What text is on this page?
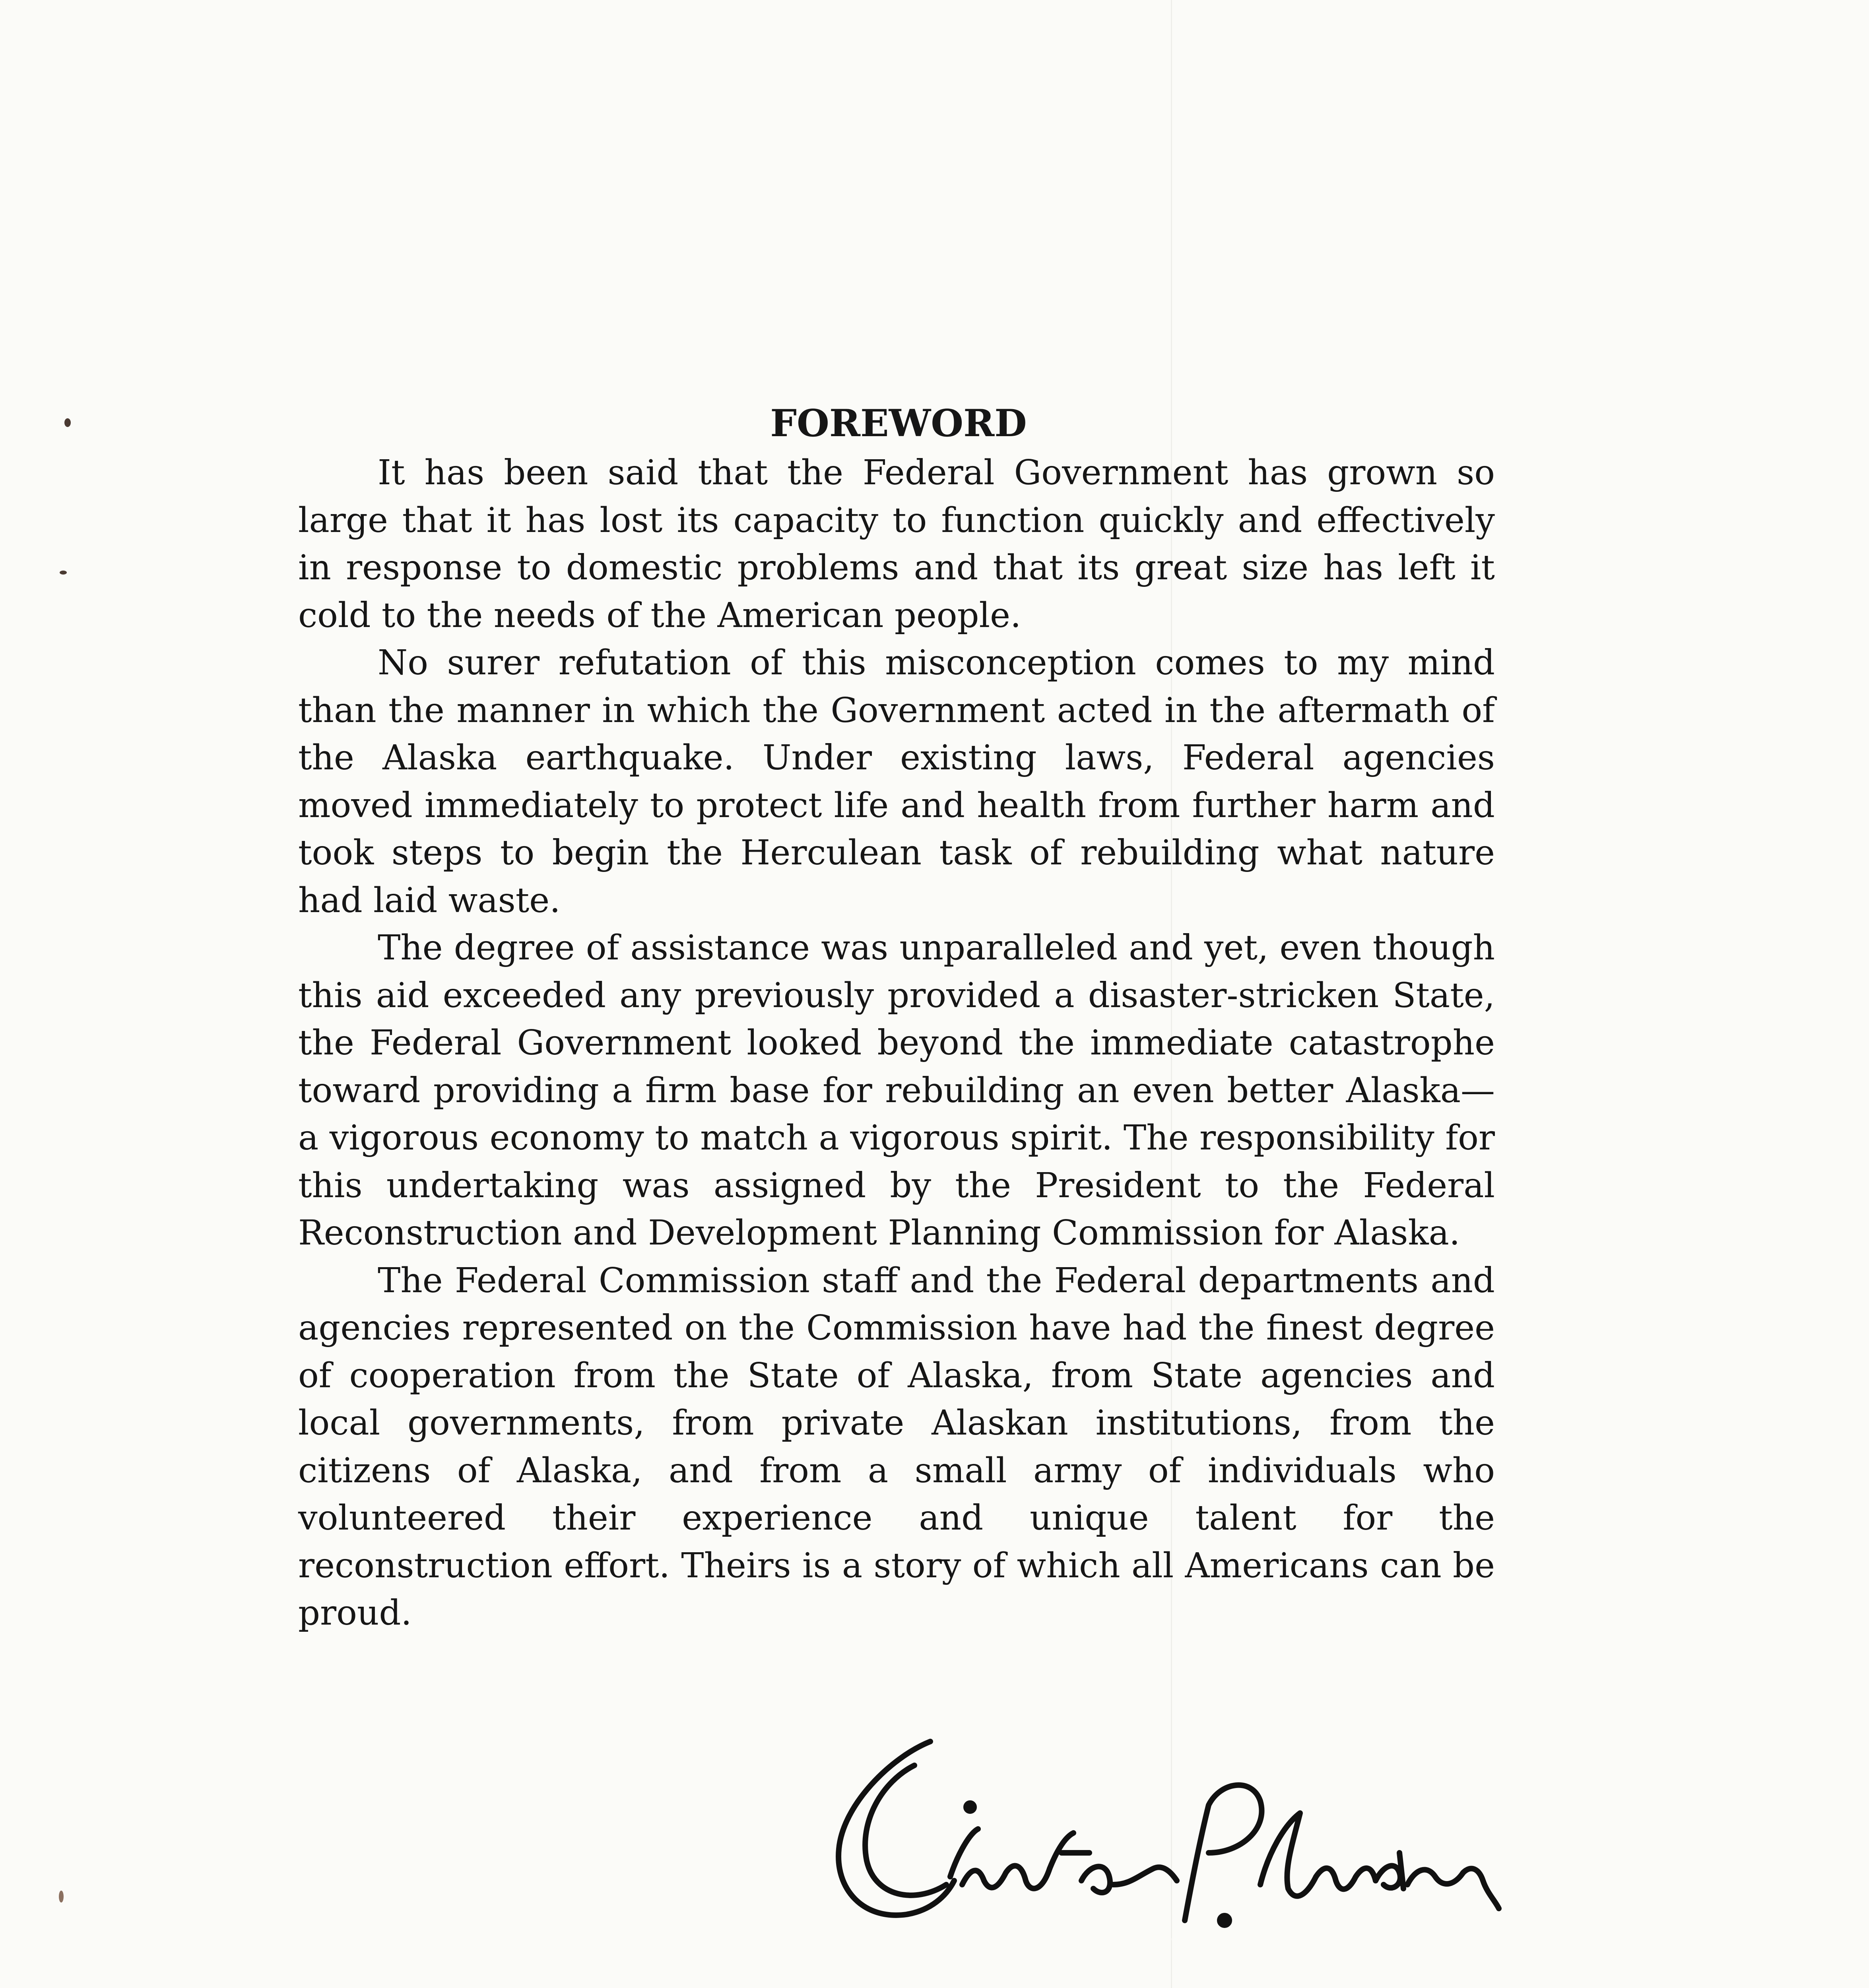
FOREWORD

It has been said that the Federal Government has grown so large that it has lost its capacity to function quickly and effectively in response to domestic problems and that its great size has left it cold to the needs of the American people.

No surer refutation of this misconception comes to my mind than the manner in which the Government acted in the aftermath of the Alaska earthquake. Under existing laws, Federal agencies moved immediately to protect life and health from further harm and took steps to begin the Herculean task of rebuilding what nature had laid waste.

The degree of assistance was unparalleled and yet, even though this aid exceeded any previously provided a disaster-stricken State, the Federal Government looked beyond the immediate catastrophe toward providing a firm base for rebuilding an even better Alaska—a vigorous economy to match a vigorous spirit. The responsibility for this undertaking was assigned by the President to the Federal Reconstruction and Development Planning Commission for Alaska.

The Federal Commission staff and the Federal departments and agencies represented on the Commission have had the finest degree of cooperation from the State of Alaska, from State agencies and local governments, from private Alaskan institutions, from the citizens of Alaska, and from a small army of individuals who volunteered their experience and unique talent for the reconstruction effort. Theirs is a story of which all Americans can be proud.

Clinton P. Anderson
